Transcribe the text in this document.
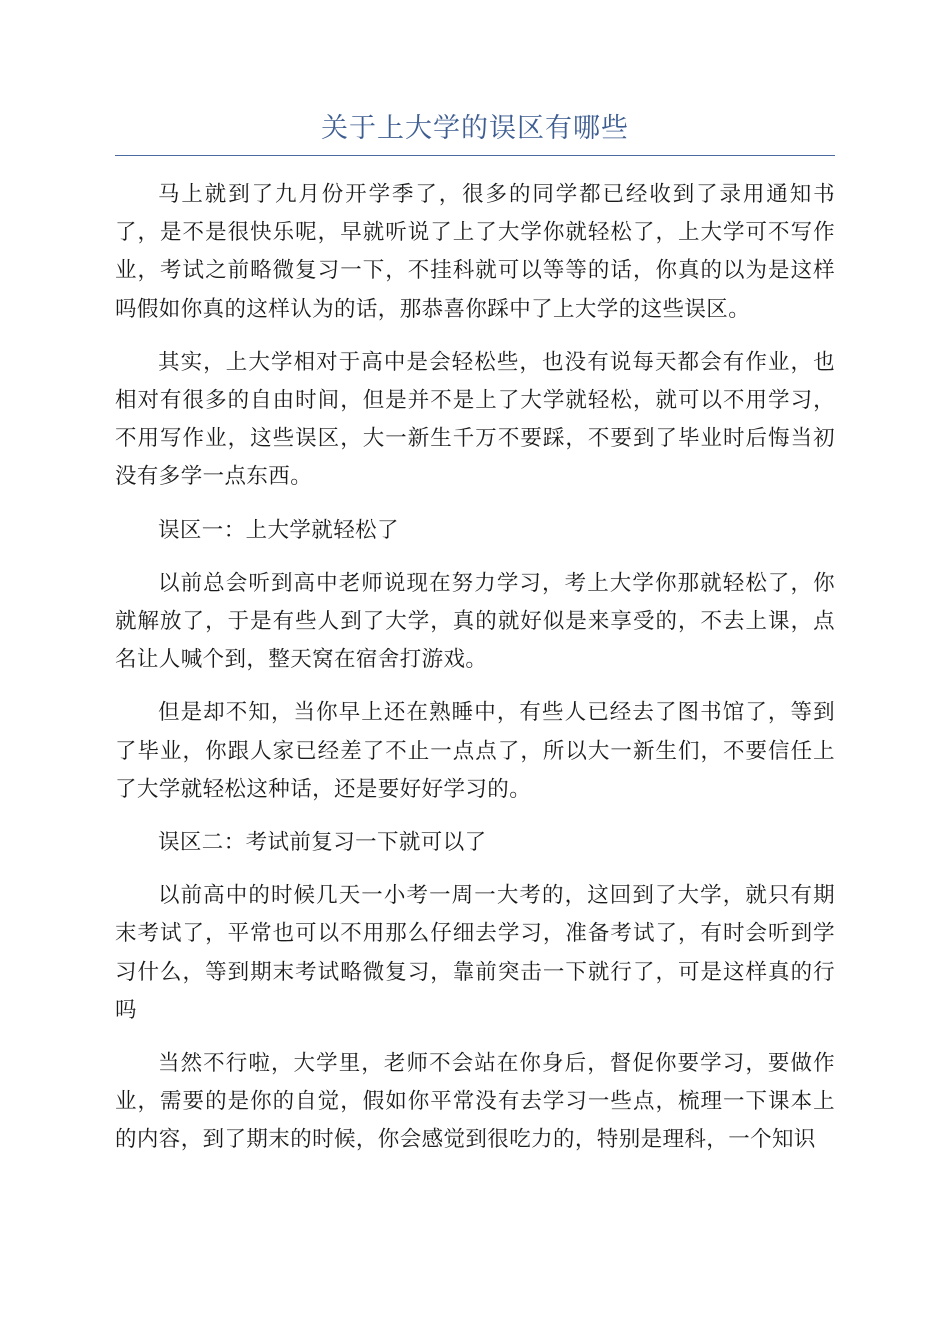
关于上大学的误区有哪些

马上就到了九月份开学季了，很多的同学都已经收到了录用通知书了，是不是很快乐呢，早就听说了上了大学你就轻松了，上大学可不写作业，考试之前略微复习一下，不挂科就可以等等的话，你真的以为是这样吗假如你真的这样认为的话，那恭喜你踩中了上大学的这些误区。

其实，上大学相对于高中是会轻松些，也没有说每天都会有作业，也相对有很多的自由时间，但是并不是上了大学就轻松，就可以不用学习，不用写作业，这些误区，大一新生千万不要踩，不要到了毕业时后悔当初没有多学一点东西。

误区一：上大学就轻松了

以前总会听到高中老师说现在努力学习，考上大学你那就轻松了，你就解放了，于是有些人到了大学，真的就好似是来享受的，不去上课，点名让人喊个到，整天窝在宿舍打游戏。

但是却不知，当你早上还在熟睡中，有些人已经去了图书馆了，等到了毕业，你跟人家已经差了不止一点点了，所以大一新生们，不要信任上了大学就轻松这种话，还是要好好学习的。

误区二：考试前复习一下就可以了

以前高中的时候几天一小考一周一大考的，这回到了大学，就只有期末考试了，平常也可以不用那么仔细去学习，准备考试了，有时会听到学习什么，等到期末考试略微复习，靠前突击一下就行了，可是这样真的行吗

当然不行啦，大学里，老师不会站在你身后，督促你要学习，要做作业，需要的是你的自觉，假如你平常没有去学习一些点，梳理一下课本上的内容，到了期末的时候，你会感觉到很吃力的，特别是理科，一个知识
